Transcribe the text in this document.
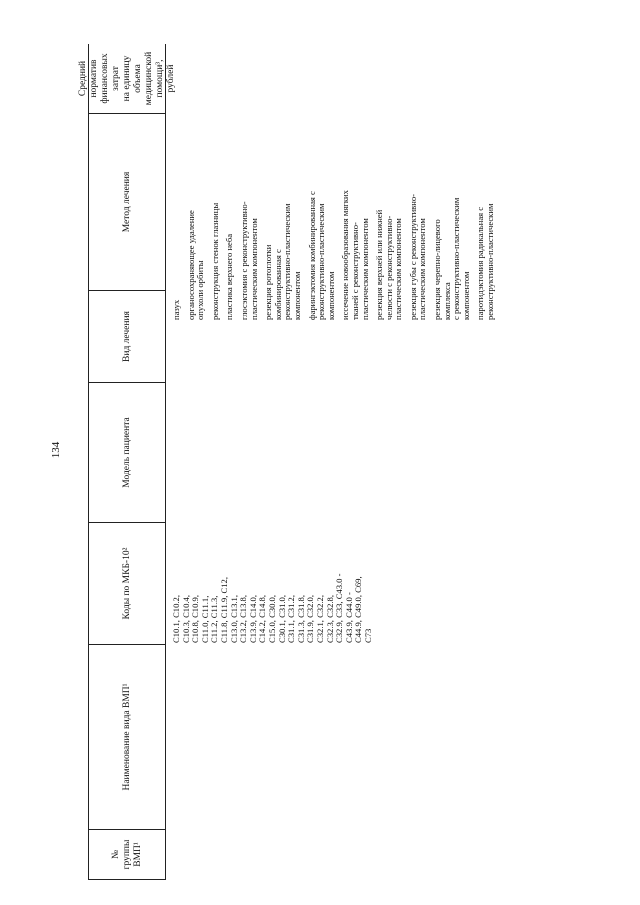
134
№ группы ВМП¹
Наименование вида ВМП¹
Коды по МКБ-10²
Модель пациента
Вид лечения
Метод лечения
Средний норматив финансовых затрат на единицу объема медицинской помощи³, рублей
C10.1, C10.2, C10.3, C10.4, C10.8, C10.9, C11.0, C11.1, C11.2, C11.3, C11.8, C11.9, C12, C13.0, C13.1, C13.2, C13.8, C13.9, C14.0, C14.2, C14.8, C15.0, C30.0, C30.1, C31.0, C31.1, C31.2, C31.3, C31.8, C31.9, C32.0, C32.1, C32.2, C32.3, C32.8, C32.9, C33, C43.0 - C43.9, C44.0 - C44.9, C49.0, C69, C73
пазух органосохраняющее удаление опухоли орбиты реконструкция стенок глазницы пластика верхнего неба глосэктомия с реконструктивно- пластическим компонентом резекция ротоглотки комбинированная с реконструктивно-пластическим компонентом фарингэктомия комбинированная с реконструктивно-пластическим компонентом иссечение новообразования мягких тканей с реконструктивно- пластическим компонентом резекция верхней или нижней челюсти с реконструктивно- пластическим компонентом резекция губы с реконструктивно- пластическим компонентом резекция черепно-лицевого комплекса с реконструктивно-пластическим компонентом паротидэктомия радикальная с реконструктивно-пластическим
